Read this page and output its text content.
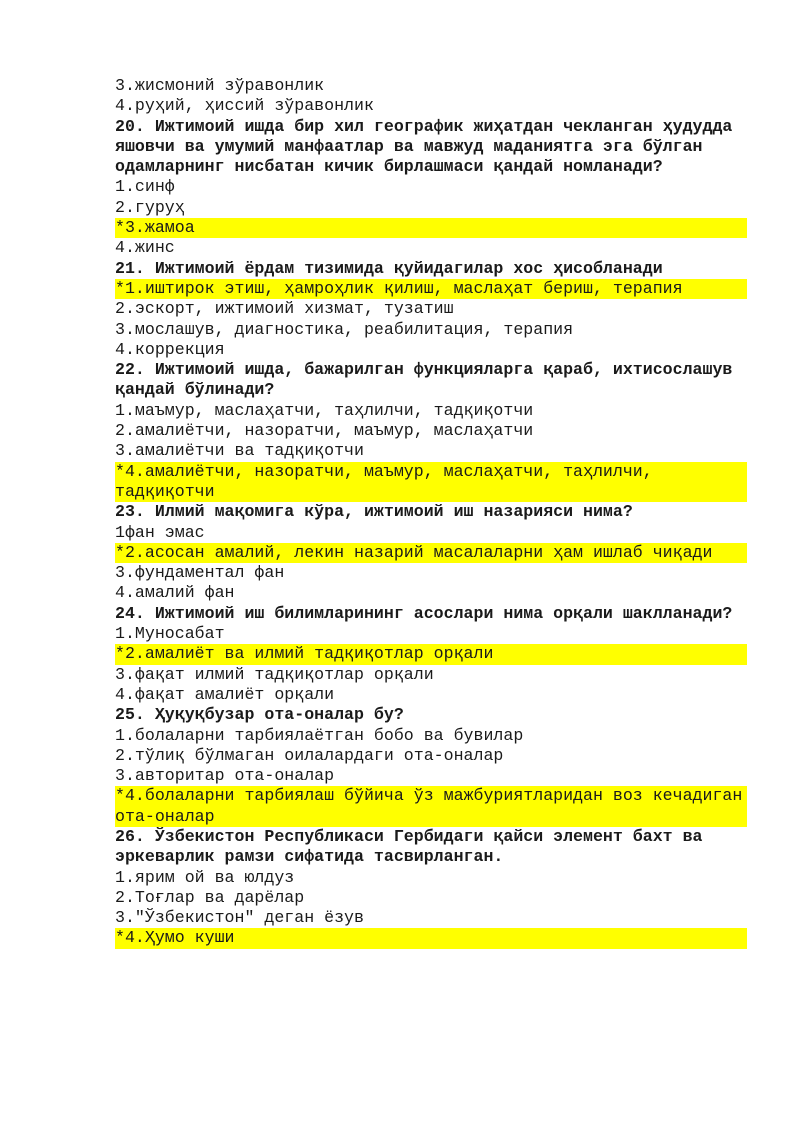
3.жисмоний зўравонлик
4.руҳий, ҳиссий зўравонлик
20. Ижтимоий ишда бир хил географик жиҳатдан чекланган ҳудудда яшовчи ва умумий манфаатлар ва мавжуд маданиятга эга бўлган одамларнинг нисбатан кичик бирлашмаси қандай номланади?
1.синф
2.гуруҳ
*3.жамоа
4.жинс
21. Ижтимоий ёрдам тизимида қуйидагилар хос ҳисобланади
*1.иштирок этиш, ҳамроҳлик қилиш, маслаҳат бериш, терапия
2.эскорт, ижтимоий хизмат, тузатиш
3.мослашув, диагностика, реабилитация, терапия
4.коррекция
22. Ижтимоий ишда, бажарилган функцияларга қараб, ихтисослашув қандай бўлинади?
1.маъмур, маслаҳатчи, таҳлилчи, тадқиқотчи
2.амалиётчи, назоратчи, маъмур, маслаҳатчи
3.амалиётчи ва тадқиқотчи
*4.амалиётчи, назоратчи, маъмур, маслаҳатчи, таҳлилчи, тадқиқотчи
23. Илмий мақомига кўра, ижтимоий иш назарияси нима?
1фан эмас
*2.асосан амалий, лекин назарий масалаларни ҳам ишлаб чиқади
3.фундаментал фан
4.амалий фан
24. Ижтимоий иш билимларининг асослари нима орқали шаклланади?
1.Муносабат
*2.амалиёт ва илмий тадқиқотлар орқали
3.фақат илмий тадқиқотлар орқали
4.фақат амалиёт орқали
25. Ҳуқуқбузар ота-оналар бу?
1.болаларни тарбиялаётган бобо ва бувилар
2.тўлиқ бўлмаган оилалардаги ота-оналар
3.авторитар ота-оналар
*4.болаларни тарбиялаш бўйича ўз мажбуриятларидан воз кечадиган ота-оналар
26. Ўзбекистон Республикаси Гербидаги қайси элемент бахт ва эркеварлик рамзи сифатида тасвирланган.
1.ярим ой ва юлдуз
2.Тоғлар ва дарёлар
3."Ўзбекистон" деган ёзув
*4.Ҳумо куши
